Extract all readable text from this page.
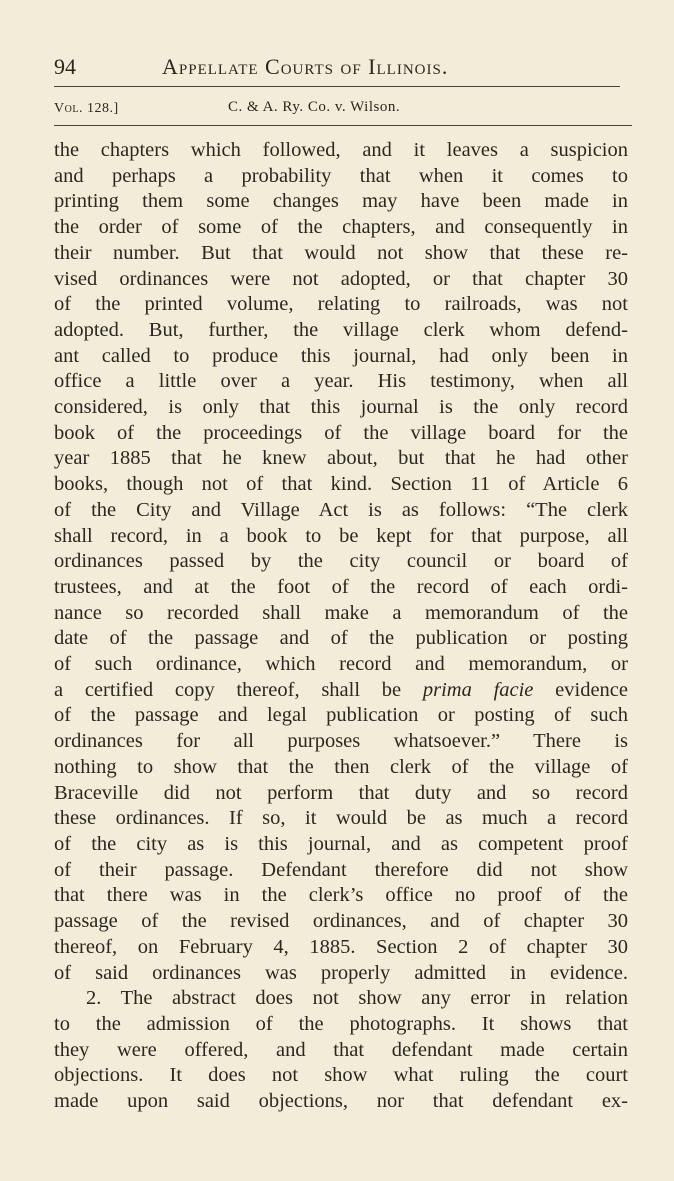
94	Appellate Courts of Illinois.
Vol. 128.]	C. & A. Ry. Co. v. Wilson.
the chapters which followed, and it leaves a suspicion
and perhaps a probability that when it comes to
printing them some changes may have been made in
the order of some of the chapters, and consequently in
their number. But that would not show that these re-
vised ordinances were not adopted, or that chapter 30
of the printed volume, relating to railroads, was not
adopted. But, further, the village clerk whom defend-
ant called to produce this journal, had only been in
office a little over a year. His testimony, when all
considered, is only that this journal is the only record
book of the proceedings of the village board for the
year 1885 that he knew about, but that he had other
books, though not of that kind. Section 11 of Article 6
of the City and Village Act is as follows: “The clerk
shall record, in a book to be kept for that purpose, all
ordinances passed by the city council or board of
trustees, and at the foot of the record of each ordi-
nance so recorded shall make a memorandum of the
date of the passage and of the publication or posting
of such ordinance, which record and memorandum, or
a certified copy thereof, shall be prima facie evidence
of the passage and legal publication or posting of such
ordinances for all purposes whatsoever.” There is
nothing to show that the then clerk of the village of
Braceville did not perform that duty and so record
these ordinances. If so, it would be as much a record
of the city as is this journal, and as competent proof
of their passage. Defendant therefore did not show
that there was in the clerk’s office no proof of the
passage of the revised ordinances, and of chapter 30
thereof, on February 4, 1885. Section 2 of chapter 30
of said ordinances was properly admitted in evidence.
2. The abstract does not show any error in relation
to the admission of the photographs. It shows that
they were offered, and that defendant made certain
objections. It does not show what ruling the court
made upon said objections, nor that defendant ex-
